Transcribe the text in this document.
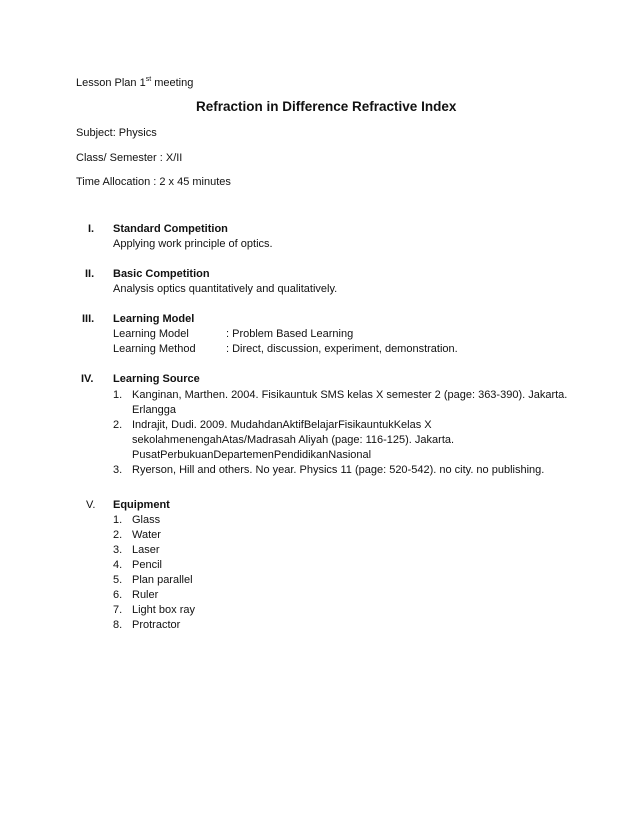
Lesson Plan 1st meeting
Refraction in Difference Refractive Index
Subject: Physics
Class/ Semester : X/II
Time Allocation : 2 x 45 minutes
I. Standard Competition
Applying work principle of optics.
II. Basic Competition
Analysis optics quantitatively and qualitatively.
III. Learning Model
Learning Model	: Problem Based Learning
Learning Method	: Direct, discussion, experiment, demonstration.
IV. Learning Source
1. Kanginan, Marthen. 2004. Fisikauntuk SMS kelas X semester 2 (page: 363-390). Jakarta.
Erlangga
2. Indrajit, Dudi. 2009. MudahdanAktifBelajarFisikauntukKelas X
sekolahmenengahAtas/Madrasah Aliyah (page: 116-125). Jakarta.
PusatPerbukuanDepartemenPendidikanNasional
3. Ryerson, Hill and others. No year. Physics 11 (page: 520-542). no city. no publishing.
V. Equipment
1. Glass
2. Water
3. Laser
4. Pencil
5. Plan parallel
6. Ruler
7. Light box ray
8. Protractor
